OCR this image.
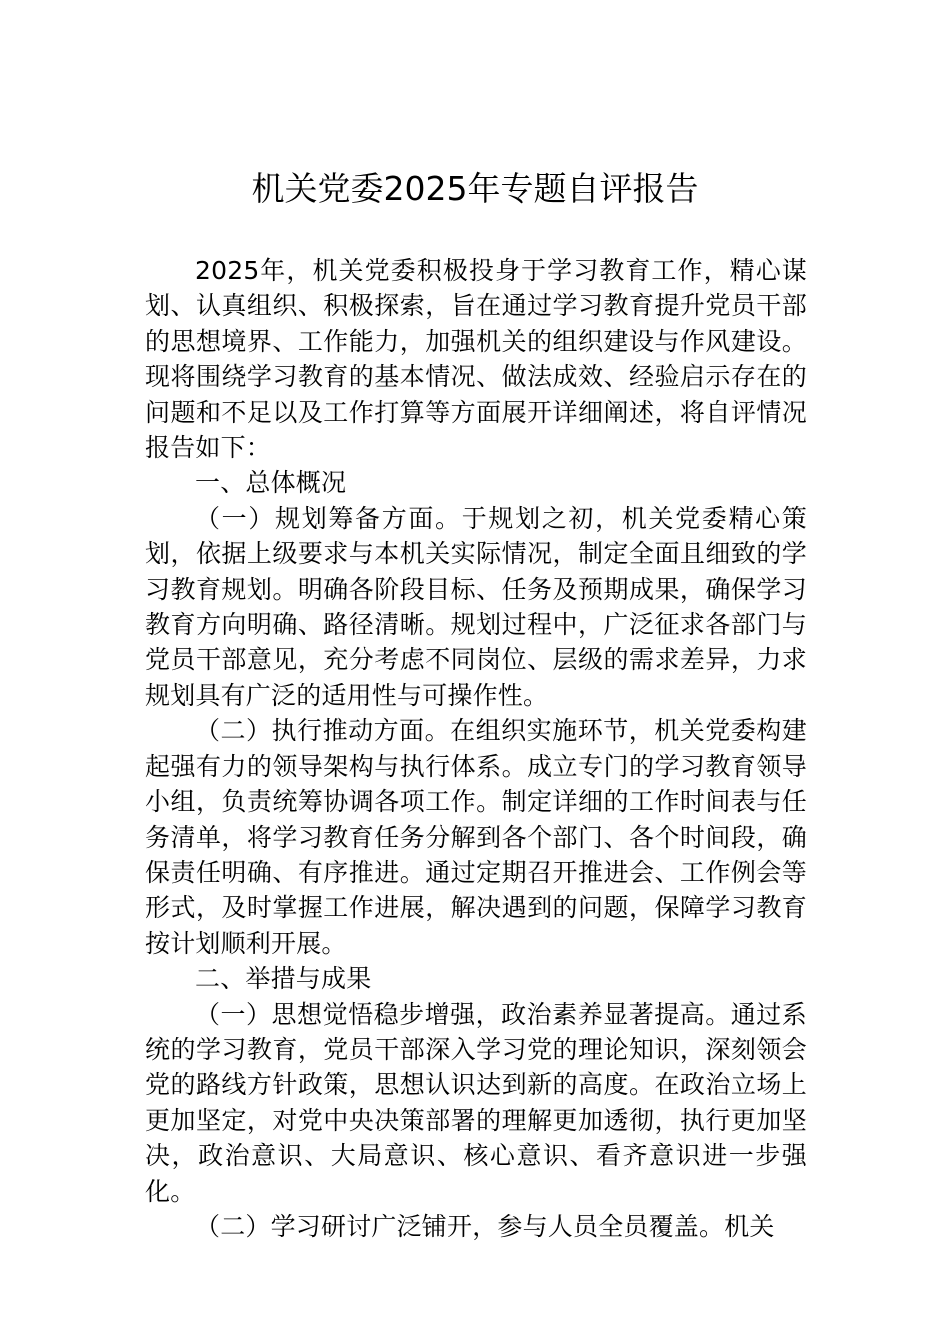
机关党委2025年专题自评报告

2025年，机关党委积极投身于学习教育工作，精心谋划、认真组织、积极探索，旨在通过学习教育提升党员干部的思想境界、工作能力，加强机关的组织建设与作风建设。现将围绕学习教育的基本情况、做法成效、经验启示存在的问题和不足以及工作打算等方面展开详细阐述，将自评情况报告如下：

一、总体概况

（一）规划筹备方面。于规划之初，机关党委精心策划，依据上级要求与本机关实际情况，制定全面且细致的学习教育规划。明确各阶段目标、任务及预期成果，确保学习教育方向明确、路径清晰。规划过程中，广泛征求各部门与党员干部意见，充分考虑不同岗位、层级的需求差异，力求规划具有广泛的适用性与可操作性。

（二）执行推动方面。在组织实施环节，机关党委构建起强有力的领导架构与执行体系。成立专门的学习教育领导小组，负责统筹协调各项工作。制定详细的工作时间表与任务清单，将学习教育任务分解到各个部门、各个时间段，确保责任明确、有序推进。通过定期召开推进会、工作例会等形式，及时掌握工作进展，解决遇到的问题，保障学习教育按计划顺利开展。

二、举措与成果

（一）思想觉悟稳步增强，政治素养显著提高。通过系统的学习教育，党员干部深入学习党的理论知识，深刻领会党的路线方针政策，思想认识达到新的高度。在政治立场上更加坚定，对党中央决策部署的理解更加透彻，执行更加坚决，政治意识、大局意识、核心意识、看齐意识进一步强化。

（二）学习研讨广泛铺开，参与人员全员覆盖。机关
